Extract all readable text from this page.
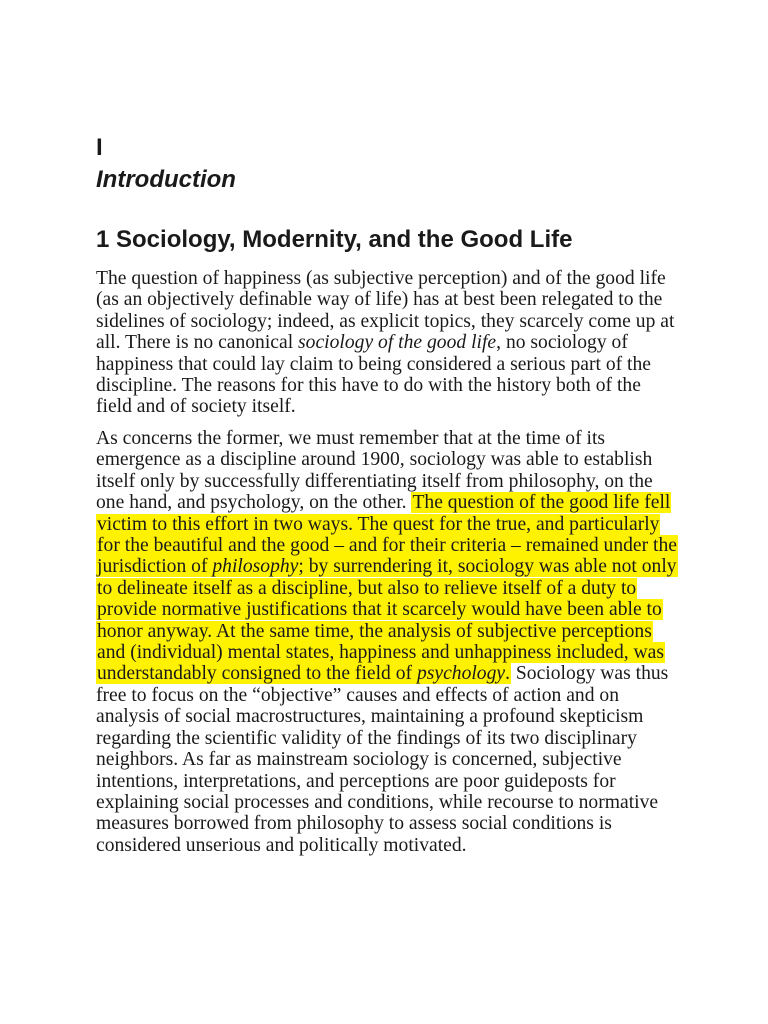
I
Introduction
1 Sociology, Modernity, and the Good Life

The question of happiness (as subjective perception) and of the good life (as an objectively definable way of life) has at best been relegated to the sidelines of sociology; indeed, as explicit topics, they scarcely come up at all. There is no canonical sociology of the good life, no sociology of happiness that could lay claim to being considered a serious part of the discipline. The reasons for this have to do with the history both of the field and of society itself.

As concerns the former, we must remember that at the time of its emergence as a discipline around 1900, sociology was able to establish itself only by successfully differentiating itself from philosophy, on the one hand, and psychology, on the other. The question of the good life fell victim to this effort in two ways. The quest for the true, and particularly for the beautiful and the good – and for their criteria – remained under the jurisdiction of philosophy; by surrendering it, sociology was able not only to delineate itself as a discipline, but also to relieve itself of a duty to provide normative justifications that it scarcely would have been able to honor anyway. At the same time, the analysis of subjective perceptions and (individual) mental states, happiness and unhappiness included, was understandably consigned to the field of psychology. Sociology was thus free to focus on the “objective” causes and effects of action and on analysis of social macrostructures, maintaining a profound skepticism regarding the scientific validity of the findings of its two disciplinary neighbors. As far as mainstream sociology is concerned, subjective intentions, interpretations, and perceptions are poor guideposts for explaining social processes and conditions, while recourse to normative measures borrowed from philosophy to assess social conditions is considered unserious and politically motivated.
